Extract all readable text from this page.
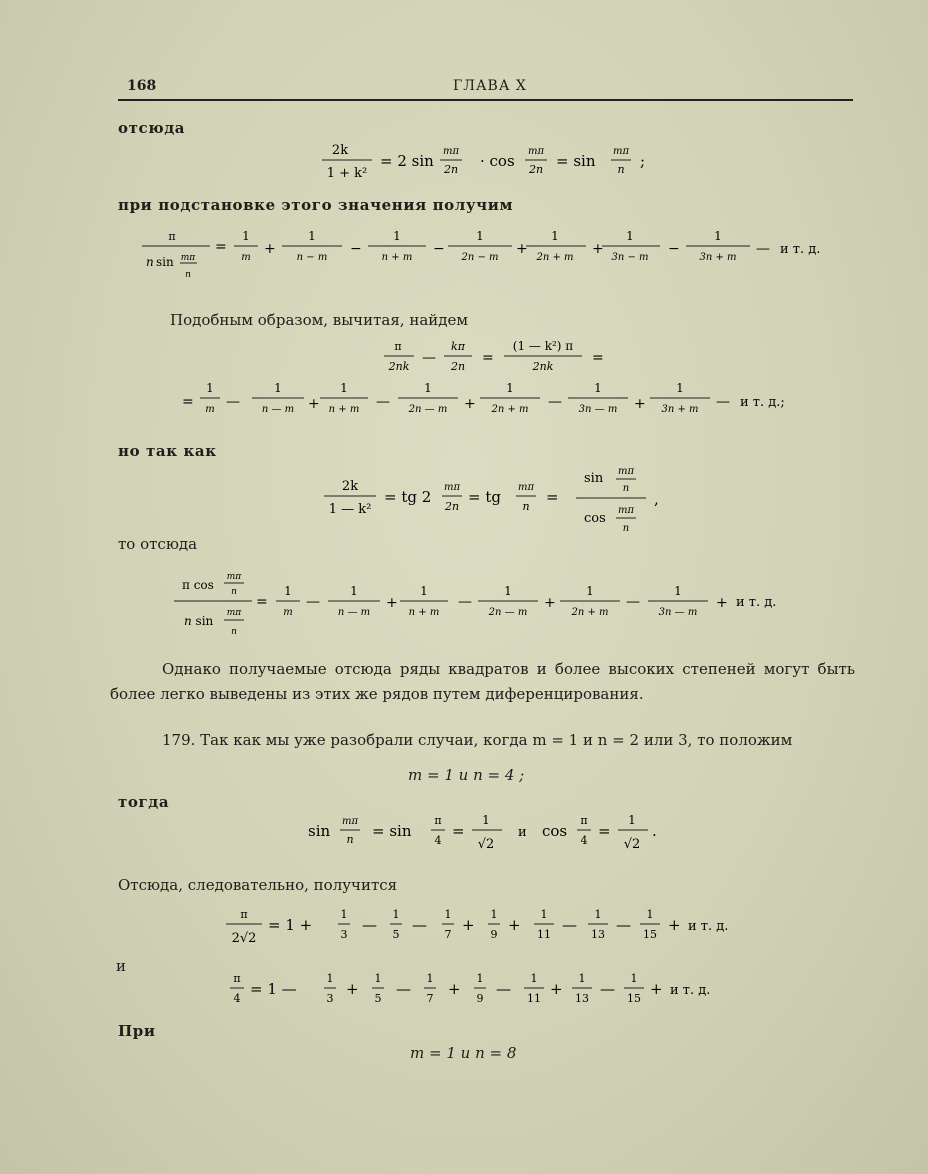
168	ГЛАВА X
отсюда
2k
1 + k²
= 2 sin
mπ
2n · cos
mπ
2n = sin
mπ
n ;
при подстановке этого значения получим
π
n sin mπ
n
=
1
m
+
1
n − m
−
1
n + m
−
1
2n − m
+
1
2n + m
+
1
3n − m
−
1
3n + m
— и т. д.
Подобным образом, вычитая, найдем
π
2nk
—
kπ
2n
=
(1 — k²) π
2nk
=
=
1
m —
1
n — m +
1
n + m —
1
2n — m +
1
2n + m —
1
3n — m +
1
3n + m — и т. д.;
но так как
2k
1 — k²
= tg 2
mπ
2n
= tg
mπ
n
=
sin mπ
n
cos
mπ
n
,
то отсюда
π cos
mπ
n
n sin
mπ
n
=
1
m
—
1
n — m
+
1
n + m
—
1
2n — m
+
1
2n + m
—
1
3n — m
+ и т. д.
Однако получаемые отсюда ряды квадратов и более высоких степеней могут быть более легко выведены из этих же рядов путем диференцирования.
179. Так как мы уже разобрали случаи, когда m = 1 и n = 2 или 3, то положим
m = 1 и n = 4 ;
тогда
sin
mπ
n = sin
π
4
=
1
√2
и cos
π
4
=
1
√2
.
Отсюда, следовательно, получится
π
2√2
= 1 +
1
3
—
1
5
—
1
7
+
1
9
+
1
11
—
1
13
—
1
15
+ и т. д.
и
π
4
= 1 —
1
3
+
1
5
—
1
7
+
1
9
—
1
11
+
1
13
—
1
15
+ и т. д.
При
m = 1 и n = 8
